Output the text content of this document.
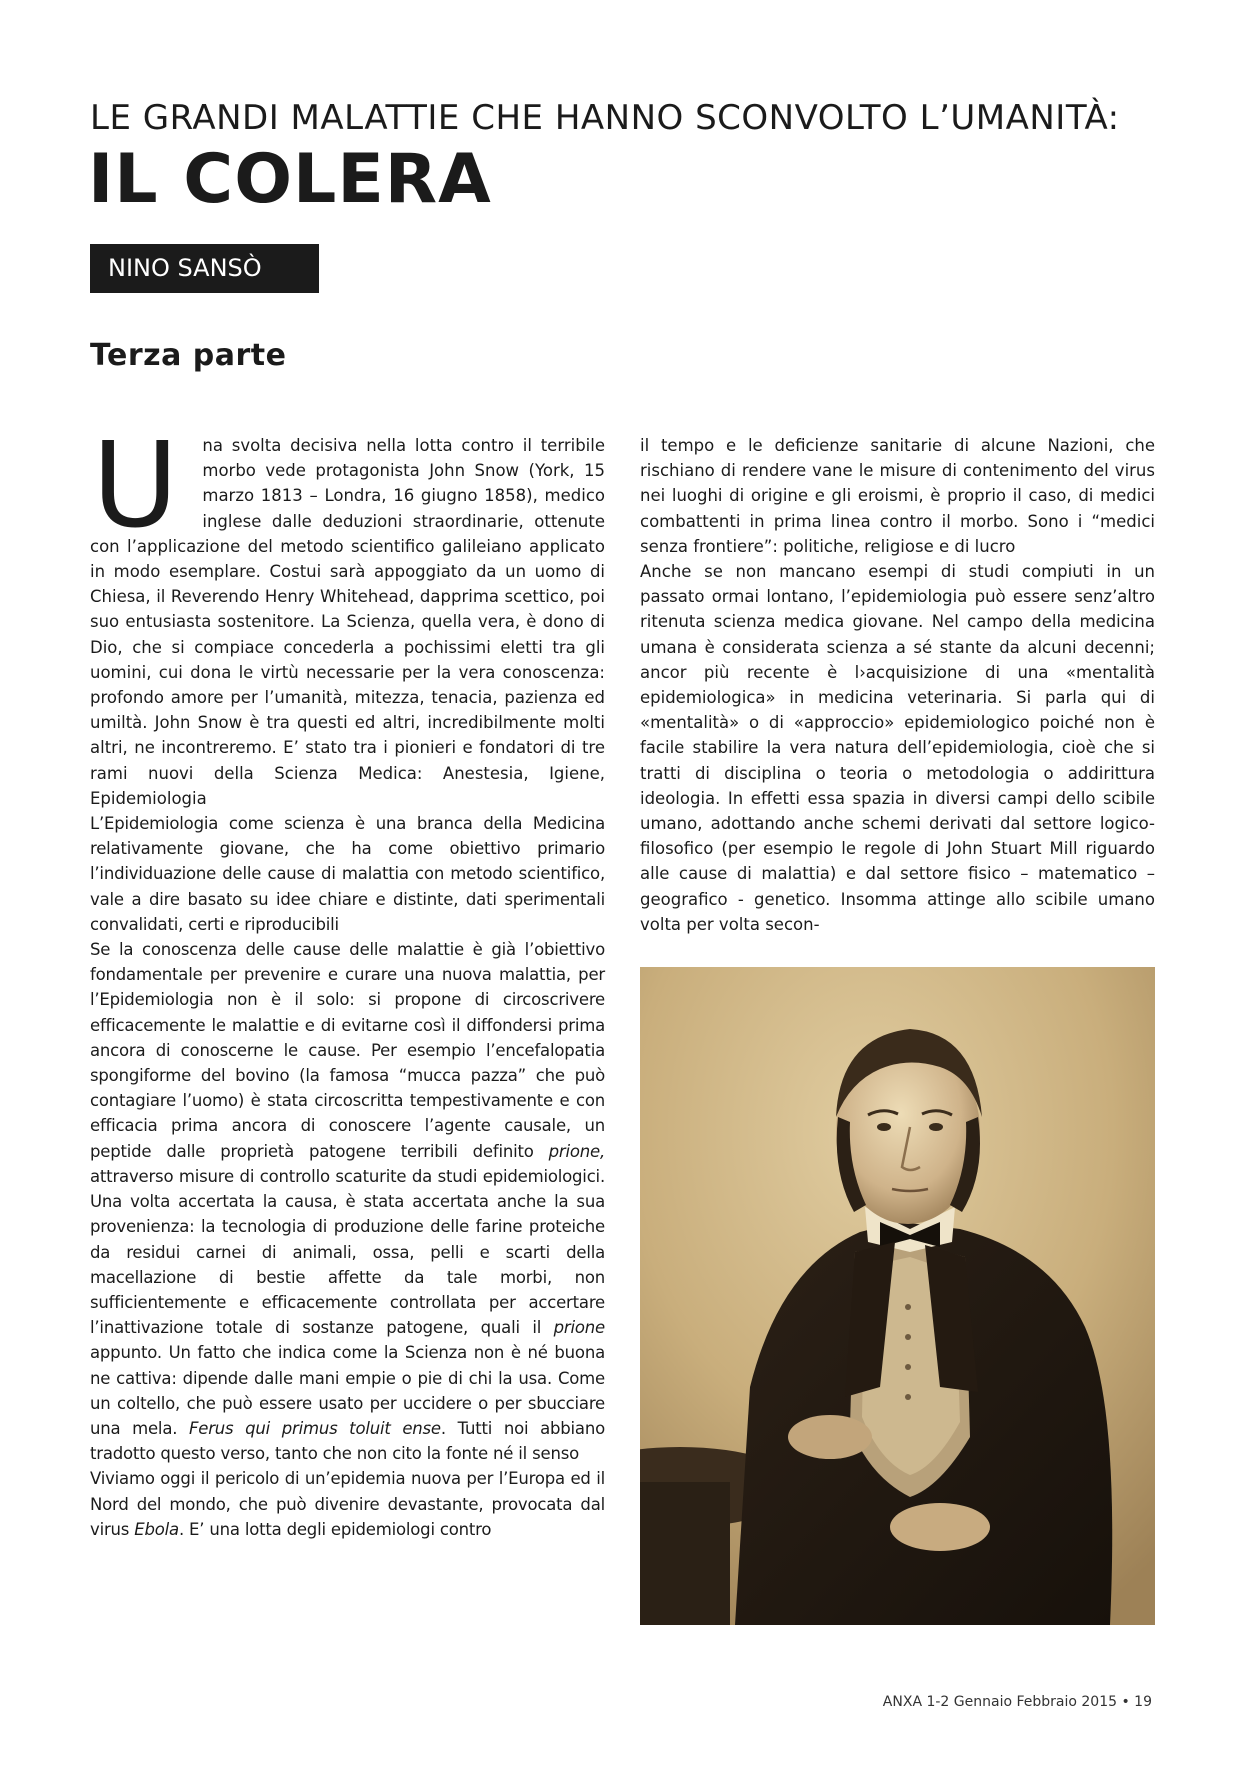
LE GRANDI MALATTIE CHE HANNO SCONVOLTO L’UMANITÀ:
IL COLERA
NINO SANSÒ
Terza parte

U na svolta decisiva nella lotta contro il terribile morbo vede protagonista John Snow (York, 15 marzo 1813 – Londra, 16 giugno 1858), medico inglese dalle deduzioni straordinarie, ottenute con l’applicazione del metodo scientifico galileiano applicato in modo esemplare. Costui sarà appoggiato da un uomo di Chiesa, il Reverendo Henry Whitehead, dapprima scettico, poi suo entusiasta sostenitore. La Scienza, quella vera, è dono di Dio, che si compiace concederla a pochissimi eletti tra gli uomini, cui dona le virtù necessarie per la vera conoscenza: profondo amore per l’umanità, mitezza, tenacia, pazienza ed umiltà. John Snow è tra questi ed altri, incredibilmente molti altri, ne incontreremo. E’ stato tra i pionieri e fondatori di tre rami nuovi della Scienza Medica: Anestesia, Igiene, Epidemiologia

L’Epidemiologia come scienza è una branca della Medicina relativamente giovane, che ha come obiettivo primario l’individuazione delle cause di malattia con metodo scientifico, vale a dire basato su idee chiare e distinte, dati sperimentali convalidati, certi e riproducibili

Se la conoscenza delle cause delle malattie è già l’obiettivo fondamentale per prevenire e curare una nuova malattia, per l’Epidemiologia non è il solo: si propone di circoscrivere efficacemente le malattie e di evitarne così il diffondersi prima ancora di conoscerne le cause. Per esempio l’encefalopatia spongiforme del bovino (la famosa “mucca pazza” che può contagiare l’uomo) è stata circoscritta tempestivamente e con efficacia prima ancora di conoscere l’agente causale, un peptide dalle proprietà patogene terribili definito prione, attraverso misure di controllo scaturite da studi epidemiologici. Una volta accertata la causa, è stata accertata anche la sua provenienza: la tecnologia di produzione delle farine proteiche da residui carnei di animali, ossa, pelli e scarti della macellazione di bestie affette da tale morbi, non sufficientemente e efficacemente controllata per accertare l’inattivazione totale di sostanze patogene, quali il prione appunto. Un fatto che indica come la Scienza non è né buona ne cattiva: dipende dalle mani empie o pie di chi la usa. Come un coltello, che può essere usato per uccidere o per sbucciare una mela. Ferus qui primus toluit ense. Tutti noi abbiano tradotto questo verso, tanto che non cito la fonte né il senso

Viviamo oggi il pericolo di un’epidemia nuova per l’Europa ed il Nord del mondo, che può divenire devastante, provocata dal virus Ebola. E’ una lotta degli epidemiologi contro

il tempo e le deficienze sanitarie di alcune Nazioni, che rischiano di rendere vane le misure di contenimento del virus nei luoghi di origine e gli eroismi, è proprio il caso, di medici combattenti in prima linea contro il morbo. Sono i “medici senza frontiere”: politiche, religiose e di lucro

Anche se non mancano esempi di studi compiuti in un passato ormai lontano, l’epidemiologia può essere senz’altro ritenuta scienza medica giovane. Nel campo della medicina umana è considerata scienza a sé stante da alcuni decenni; ancor più recente è l›acquisizione di una «mentalità epidemiologica» in medicina veterinaria. Si parla qui di «mentalità» o di «approccio» epidemiologico poiché non è facile stabilire la vera natura dell’epidemiologia, cioè che si tratti di disciplina o teoria o metodologia o addirittura ideologia. In effetti essa spazia in diversi campi dello scibile umano, adottando anche schemi derivati dal settore logico-filosofico (per esempio le regole di John Stuart Mill riguardo alle cause di malattia) e dal settore fisico – matematico – geografico - genetico. Insomma attinge allo scibile umano volta per volta secon-

ANXA 1-2 Gennaio Febbraio 2015 • 19
